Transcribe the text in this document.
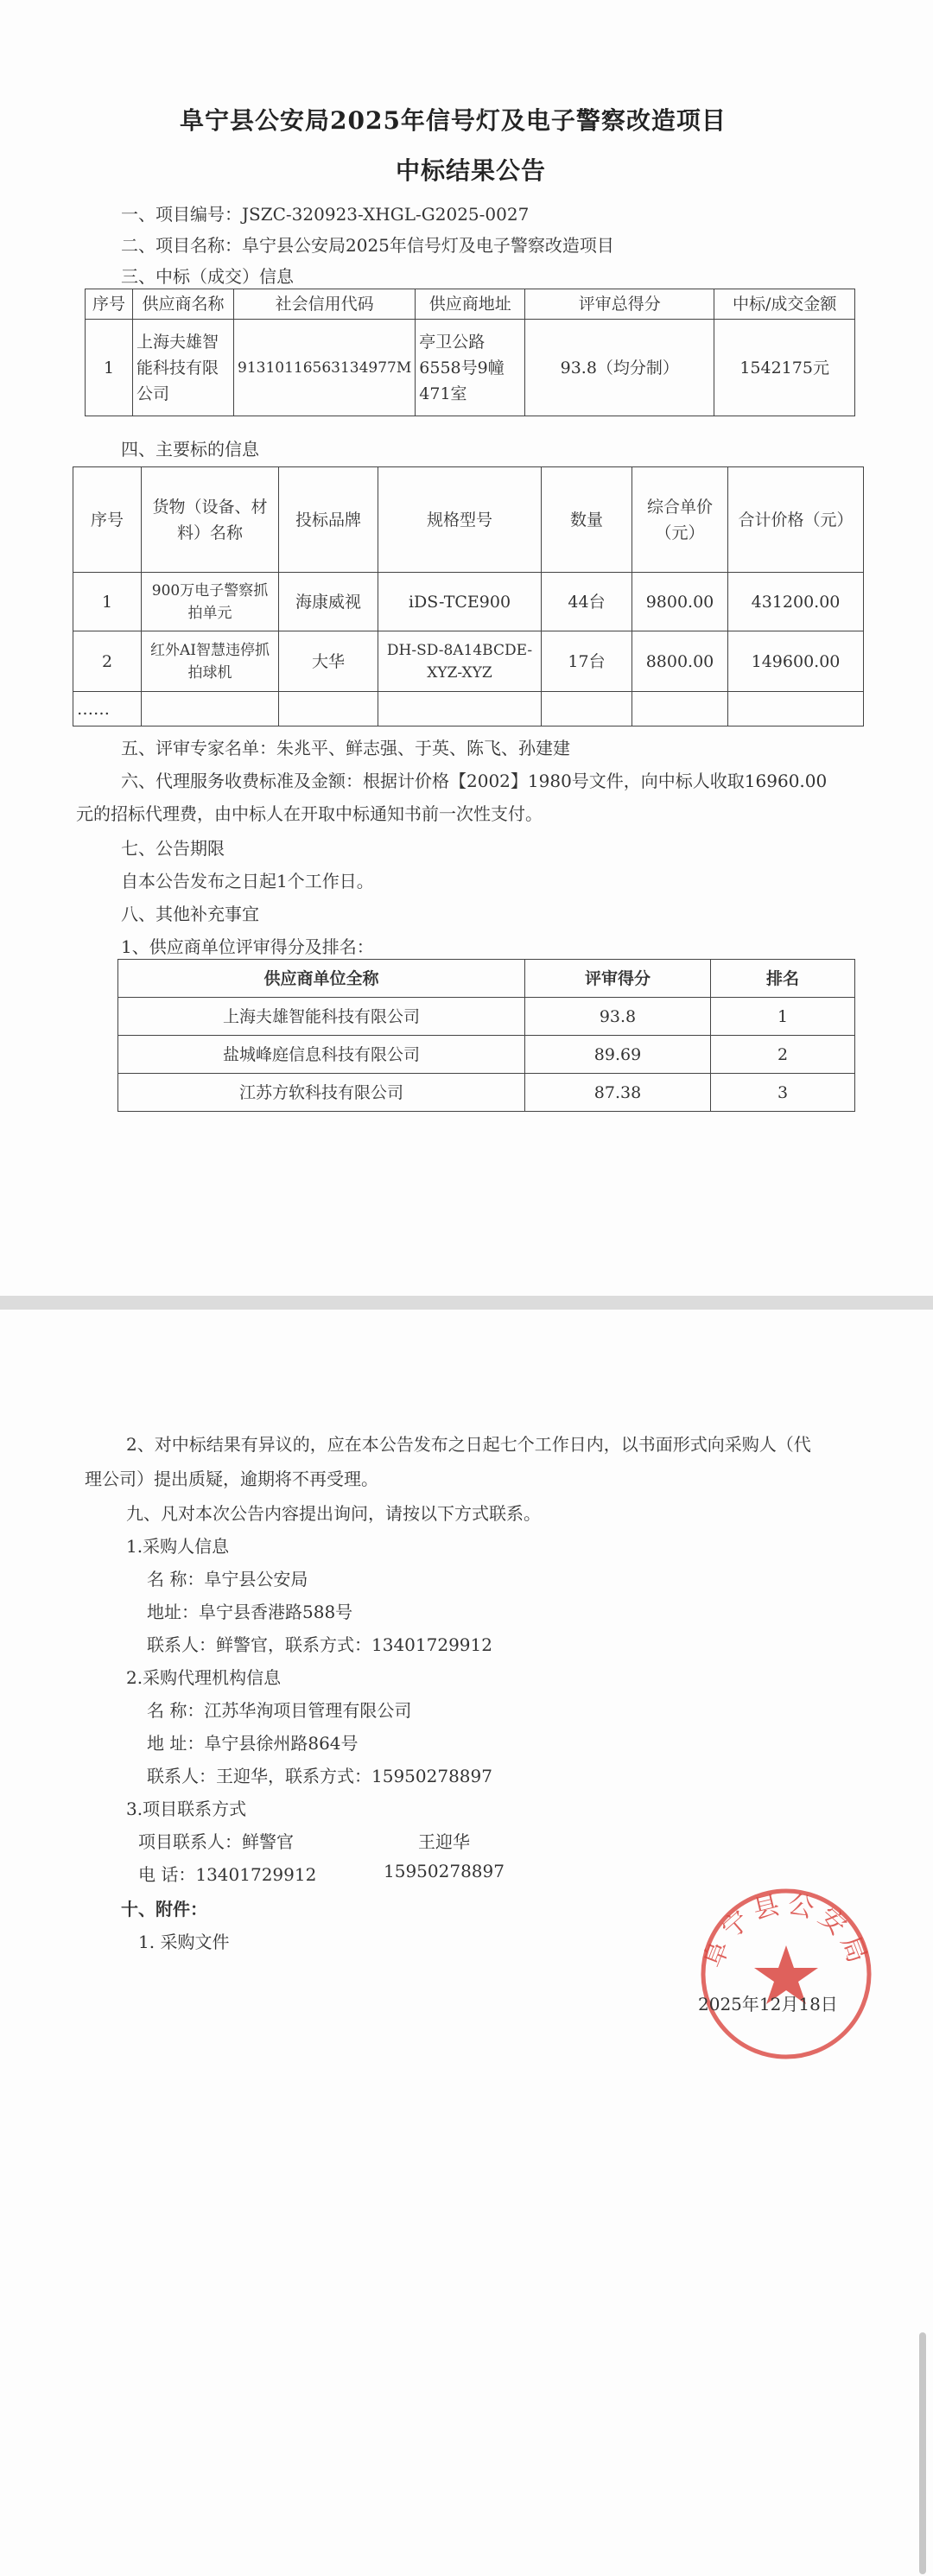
阜宁县公安局2025年信号灯及电子警察改造项目
中标结果公告
一、项目编号：JSZC-320923-XHGL-G2025-0027
二、项目名称：阜宁县公安局2025年信号灯及电子警察改造项目
三、中标（成交）信息
序号	供应商名称	社会信用代码	供应商地址	评审总得分	中标/成交金额
1	上海夫雄智能科技有限公司	91310116563134977M	亭卫公路6558号9幢471室	93.8（均分制）	1542175元
四、主要标的信息
序号	货物（设备、材料）名称	投标品牌	规格型号	数量	综合单价（元）	合计价格（元）
1	900万电子警察抓拍单元	海康威视	iDS-TCE900	44台	9800.00	431200.00
2	红外AI智慧违停抓拍球机	大华	DH-SD-8A14BCDE-XYZ-XYZ	17台	8800.00	149600.00
……						
五、评审专家名单：朱兆平、鲜志强、于英、陈飞、孙建建
六、代理服务收费标准及金额：根据计价格【2002】1980号文件，向中标人收取16960.00
元的招标代理费，由中标人在开取中标通知书前一次性支付。
七、公告期限
自本公告发布之日起1个工作日。
八、其他补充事宜
1、供应商单位评审得分及排名：
供应商单位全称	评审得分	排名
上海夫雄智能科技有限公司	93.8	1
盐城峰庭信息科技有限公司	89.69	2
江苏方软科技有限公司	87.38	3
2、对中标结果有异议的，应在本公告发布之日起七个工作日内，以书面形式向采购人（代
理公司）提出质疑，逾期将不再受理。
九、凡对本次公告内容提出询问，请按以下方式联系。
1.采购人信息
名 称：阜宁县公安局
地址：阜宁县香港路588号
联系人：鲜警官，联系方式：13401729912
2.采购代理机构信息
名 称：江苏华洵项目管理有限公司
地 址：阜宁县徐州路864号
联系人：王迎华，联系方式：15950278897
3.项目联系方式
项目联系人：鲜警官	王迎华
电 话：13401729912	15950278897
十、附件：
1. 采购文件	阜宁县公安局
2025年12月18日
